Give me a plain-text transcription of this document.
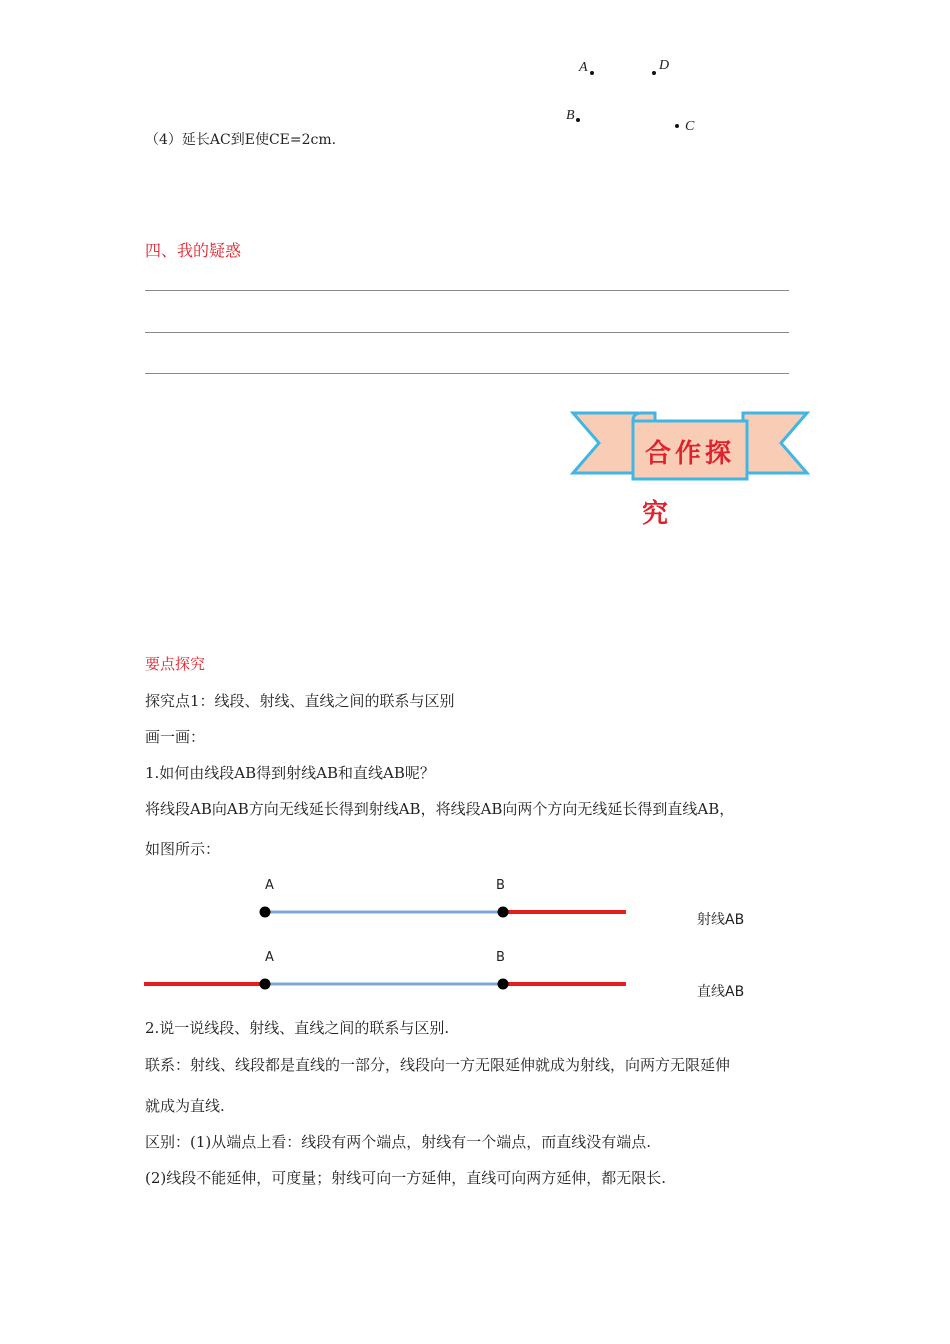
A	D
B
C
（4）延长AC到E使CE=2cm.
四、我的疑惑
合作探
究
要点探究
探究点1：线段、射线、直线之间的联系与区别
画一画：
1.如何由线段AB得到射线AB和直线AB呢？
将线段AB向AB方向无线延长得到射线AB，将线段AB向两个方向无线延长得到直线AB，
如图所示：
A	B
射线AB
A	B
直线AB
2.说一说线段、射线、直线之间的联系与区别.
联系：射线、线段都是直线的一部分，线段向一方无限延伸就成为射线，向两方无限延伸
就成为直线.
区别：(1)从端点上看：线段有两个端点，射线有一个端点，而直线没有端点.
(2)线段不能延伸，可度量；射线可向一方延伸，直线可向两方延伸，都无限长.
